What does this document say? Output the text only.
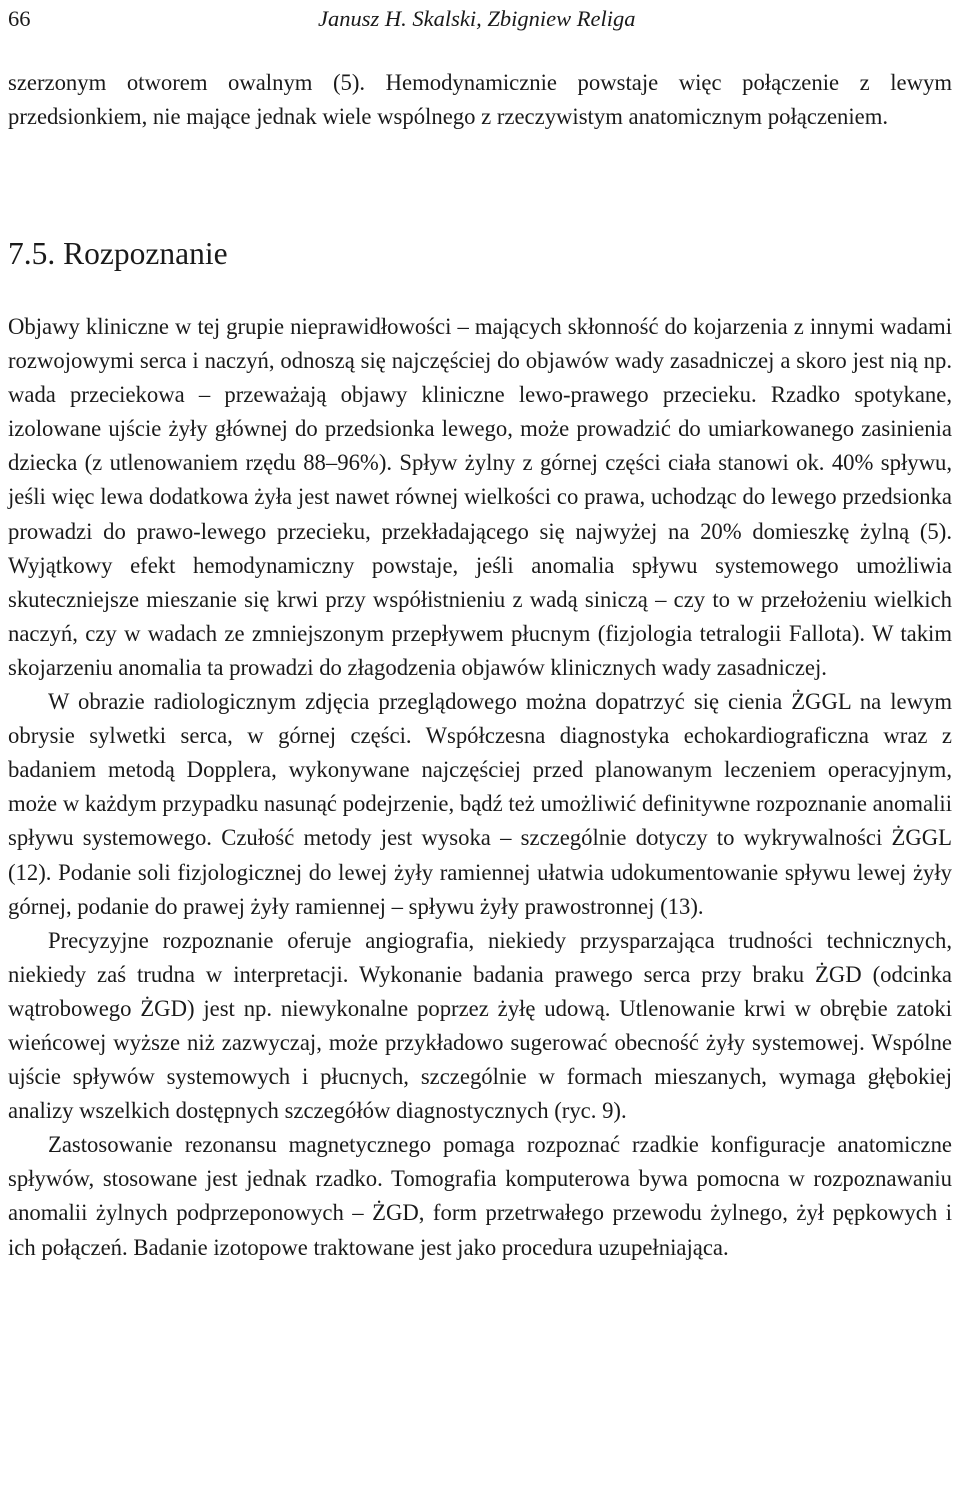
66	Janusz H. Skalski, Zbigniew Religa

szerzonym otworem owalnym (5). Hemodynamicznie powstaje więc połączenie z lewym przedsionkiem, nie mające jednak wiele wspólnego z rzeczywistym anatomicznym połączeniem.

7.5. Rozpoznanie

Objawy kliniczne w tej grupie nieprawidłowości – mających skłonność do kojarzenia z innymi wadami rozwojowymi serca i naczyń, odnoszą się najczęściej do objawów wady zasadniczej a skoro jest nią np. wada przeciekowa – przeważają objawy kliniczne lewo-prawego przecieku. Rzadko spotykane, izolowane ujście żyły głównej do przedsionka lewego, może prowadzić do umiarkowanego zasinienia dziecka (z utlenowaniem rzędu 88–96%). Spływ żylny z górnej części ciała stanowi ok. 40% spływu, jeśli więc lewa dodatkowa żyła jest nawet równej wielkości co prawa, uchodząc do lewego przedsionka prowadzi do prawo-lewego przecieku, przekładającego się najwyżej na 20% domieszkę żylną (5). Wyjątkowy efekt hemodynamiczny powstaje, jeśli anomalia spływu systemowego umożliwia skuteczniejsze mieszanie się krwi przy współistnieniu z wadą siniczą – czy to w przełożeniu wielkich naczyń, czy w wadach ze zmniejszonym przepływem płucnym (fizjologia tetralogii Fallota). W takim skojarzeniu anomalia ta prowadzi do złagodzenia objawów klinicznych wady zasadniczej.

W obrazie radiologicznym zdjęcia przeglądowego można dopatrzyć się cienia ŻGGL na lewym obrysie sylwetki serca, w górnej części. Współczesna diagnostyka echokardiograficzna wraz z badaniem metodą Dopplera, wykonywane najczęściej przed planowanym leczeniem operacyjnym, może w każdym przypadku nasunąć podejrzenie, bądź też umożliwić definitywne rozpoznanie anomalii spływu systemowego. Czułość metody jest wysoka – szczególnie dotyczy to wykrywalności ŻGGL (12). Podanie soli fizjologicznej do lewej żyły ramiennej ułatwia udokumentowanie spływu lewej żyły górnej, podanie do prawej żyły ramiennej – spływu żyły prawostronnej (13).

Precyzyjne rozpoznanie oferuje angiografia, niekiedy przysparzająca trudności technicznych, niekiedy zaś trudna w interpretacji. Wykonanie badania prawego serca przy braku ŻGD (odcinka wątrobowego ŻGD) jest np. niewykonalne poprzez żyłę udową. Utlenowanie krwi w obrębie zatoki wieńcowej wyższe niż zazwyczaj, może przykładowo sugerować obecność żyły systemowej. Wspólne ujście spływów systemowych i płucnych, szczególnie w formach mieszanych, wymaga głębokiej analizy wszelkich dostępnych szczegółów diagnostycznych (ryc. 9).

Zastosowanie rezonansu magnetycznego pomaga rozpoznać rzadkie konfiguracje anatomiczne spływów, stosowane jest jednak rzadko. Tomografia komputerowa bywa pomocna w rozpoznawaniu anomalii żylnych podprzeponowych – ŻGD, form przetrwałego przewodu żylnego, żył pępkowych i ich połączeń. Badanie izotopowe traktowane jest jako procedura uzupełniająca.
